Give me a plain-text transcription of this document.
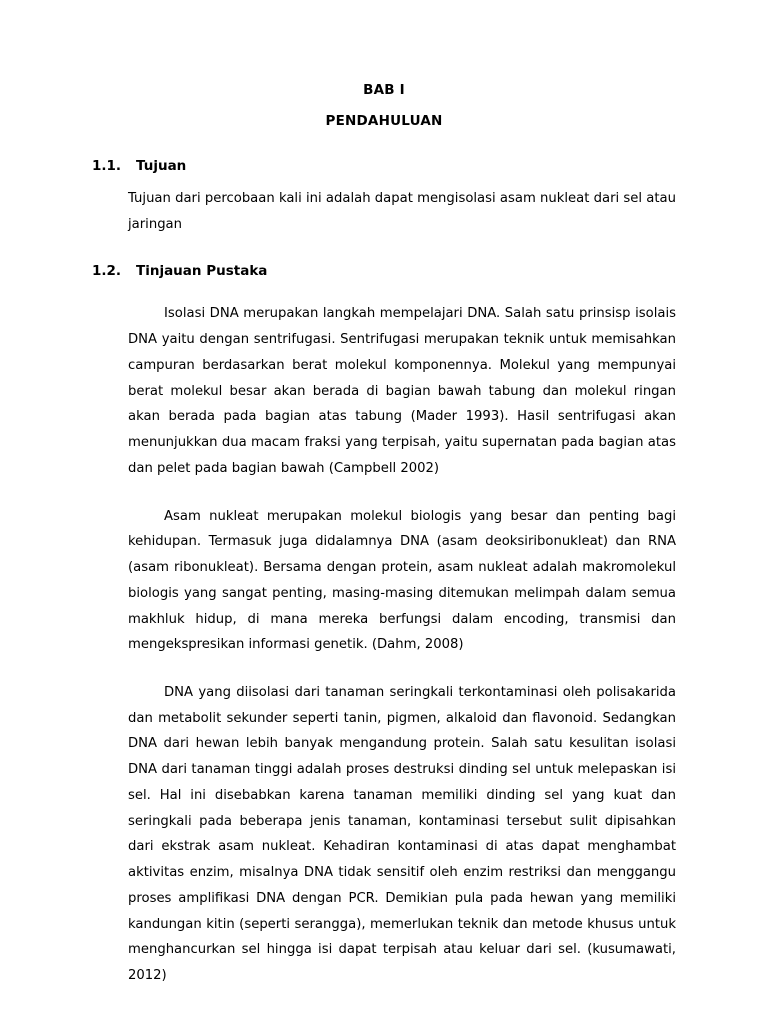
BAB I
PENDAHULUAN
1.1.	Tujuan

Tujuan dari percobaan kali ini adalah dapat mengisolasi asam nukleat dari sel atau jaringan

1.2.	Tinjauan Pustaka

Isolasi DNA merupakan langkah mempelajari DNA. Salah satu prinsisp isolais DNA yaitu dengan sentrifugasi. Sentrifugasi merupakan teknik untuk memisahkan campuran berdasarkan berat molekul komponennya. Molekul yang mempunyai berat molekul besar akan berada di bagian bawah tabung dan molekul ringan akan berada pada bagian atas tabung (Mader 1993). Hasil sentrifugasi akan menunjukkan dua macam fraksi yang terpisah, yaitu supernatan pada bagian atas dan pelet pada bagian bawah (Campbell 2002)

Asam nukleat merupakan molekul biologis yang besar dan penting bagi kehidupan. Termasuk juga didalamnya DNA (asam deoksiribonukleat) dan RNA (asam ribonukleat). Bersama dengan protein, asam nukleat adalah makromolekul biologis yang sangat penting, masing-masing ditemukan melimpah dalam semua makhluk hidup, di mana mereka berfungsi dalam encoding, transmisi dan mengekspresikan informasi genetik. (Dahm, 2008)

DNA yang diisolasi dari tanaman seringkali terkontaminasi oleh polisakarida dan metabolit sekunder seperti tanin, pigmen, alkaloid dan flavonoid. Sedangkan DNA dari hewan lebih banyak mengandung protein. Salah satu kesulitan isolasi DNA dari tanaman tinggi adalah proses destruksi dinding sel untuk melepaskan isi sel. Hal ini disebabkan karena tanaman memiliki dinding sel yang kuat dan seringkali pada beberapa jenis tanaman, kontaminasi tersebut sulit dipisahkan dari ekstrak asam nukleat. Kehadiran kontaminasi di atas dapat menghambat aktivitas enzim, misalnya DNA tidak sensitif oleh enzim restriksi dan menggangu proses amplifikasi DNA dengan PCR. Demikian pula pada hewan yang memiliki kandungan kitin (seperti serangga), memerlukan teknik dan metode khusus untuk menghancurkan sel hingga isi dapat terpisah atau keluar dari sel. (kusumawati, 2012)
